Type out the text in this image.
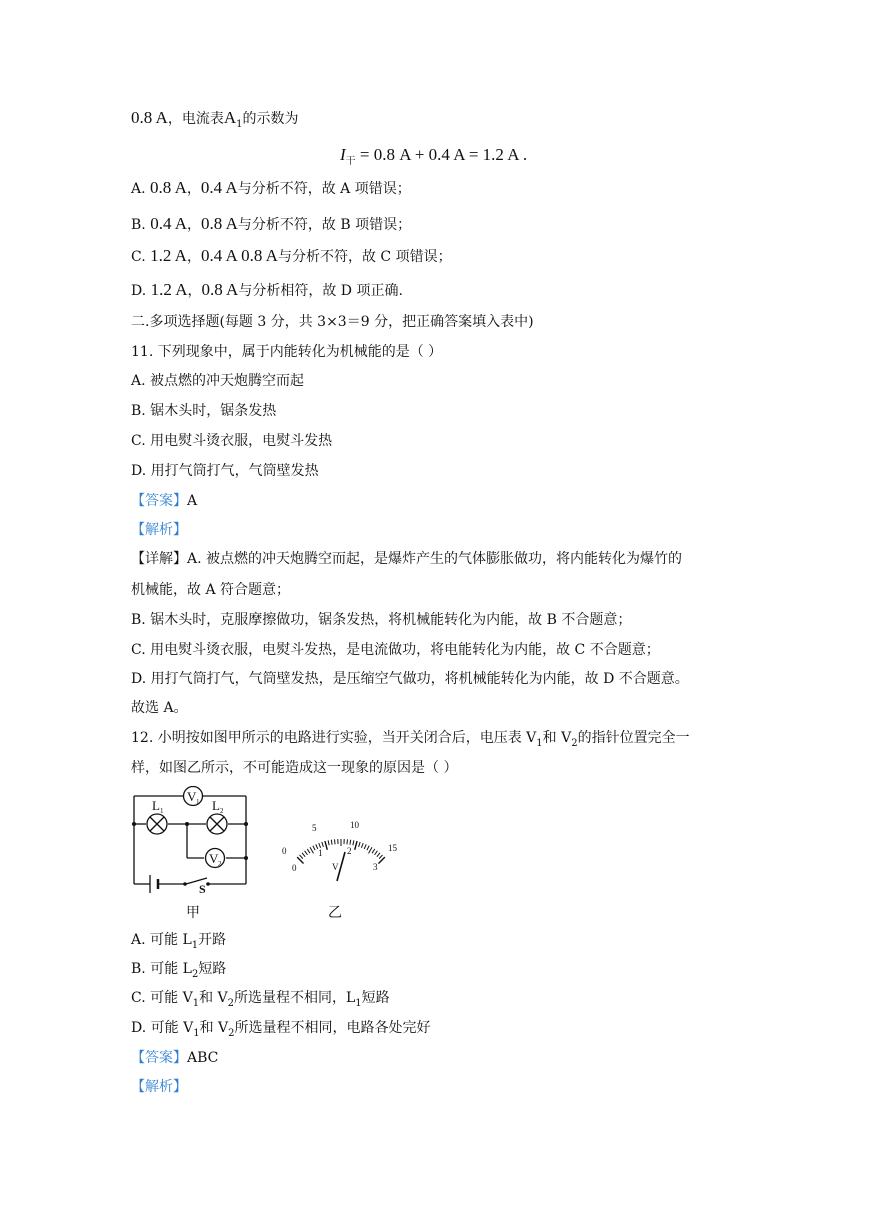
0.8 A，电流表$A_1$的示数为
$I_干 = 0.8$ A + 0.4 A = 1.2 A .
A. 0.8 A，0.4 A与分析不符，故 A 项错误；
B. 0.4 A，0.8 A与分析不符，故 B 项错误；
C. 1.2 A，0.4 A 0.8 A与分析不符，故 C 项错误；
D. 1.2 A，0.8 A与分析相符，故 D 项正确.
二.多项选择题(每题 3 分，共 3×3＝9 分，把正确答案填入表中)
11. 下列现象中，属于内能转化为机械能的是（ ）
A. 被点燃的冲天炮腾空而起
B. 锯木头时，锯条发热
C. 用电熨斗烫衣服，电熨斗发热
D. 用打气筒打气，气筒壁发热
【答案】A
【解析】
【详解】A. 被点燃的冲天炮腾空而起，是爆炸产生的气体膨胀做功，将内能转化为爆竹的
机械能，故 A 符合题意；
B. 锯木头时，克服摩擦做功，锯条发热，将机械能转化为内能，故 B 不合题意；
C. 用电熨斗烫衣服，电熨斗发热，是电流做功，将电能转化为内能，故 C 不合题意；
D. 用打气筒打气，气筒壁发热，是压缩空气做功，将机械能转化为内能，故 D 不合题意。
故选 A。
12. 小明按如图甲所示的电路进行实验，当开关闭合后，电压表 $V_1$和 $V_2$的指针位置完全一
样，如图乙所示，不可能造成这一现象的原因是（ ）
V 1
L 1	L 2
V 2
S
甲
0
5	10
15
0
1	2
3
V
乙
A. 可能 $L_1$开路
B. 可能 $L_2$短路
C. 可能 $V_1$和 $V_2$所选量程不相同，$L_1$短路
D. 可能 $V_1$和 $V_2$所选量程不相同，电路各处完好
【答案】ABC
【解析】
